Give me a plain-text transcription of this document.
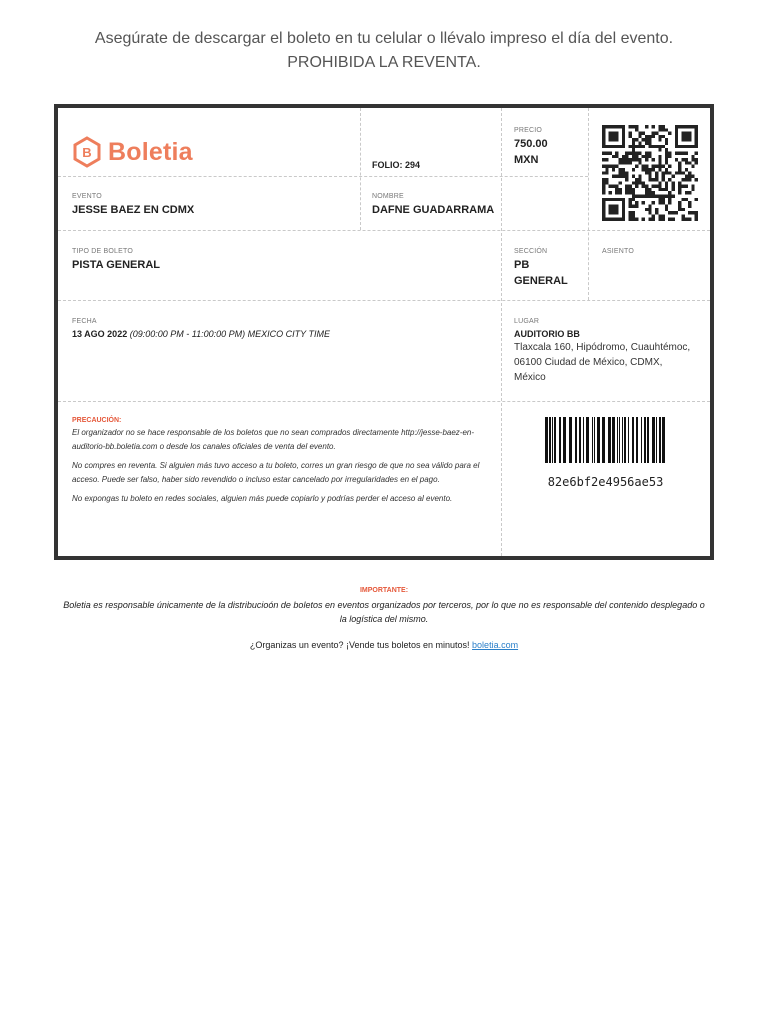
Asegúrate de descargar el boleto en tu celular o llévalo impreso el día del evento.
PROHIBIDA LA REVENTA.
B Boletia	FOLIO: 294
PRECIO
750.00
MXN
EVENTO
JESSE BAEZ EN CDMX
NOMBRE
DAFNE GUADARRAMA
TIPO DE BOLETO
PISTA GENERAL
SECCIÓN
PB
GENERAL
ASIENTO
FECHA
13 AGO 2022 (09:00:00 PM - 11:00:00 PM) MEXICO CITY TIME
LUGAR
AUDITORIO BB
Tlaxcala 160, Hipódromo, Cuauhtémoc,
06100 Ciudad de México, CDMX,
México
PRECAUCIÓN:

El organizador no se hace responsable de los boletos que no sean comprados directamente http://jesse-baez-en-auditorio-bb.boletia.com o desde los canales oficiales de venta del evento.

No compres en reventa. Si alguien más tuvo acceso a tu boleto, corres un gran riesgo de que no sea válido para el acceso. Puede ser falso, haber sido revendido o incluso estar cancelado por irregularidades en el pago.

No expongas tu boleto en redes sociales, alguien más puede copiarlo y podrías perder el acceso al evento.

82e6bf2e4956ae53
IMPORTANTE:
Boletia es responsable únicamente de la distribucioón de boletos en eventos organizados por terceros, por lo que no es responsable del contenido desplegado o la logística del mismo.
¿Organizas un evento? ¡Vende tus boletos en minutos! boletia.com
